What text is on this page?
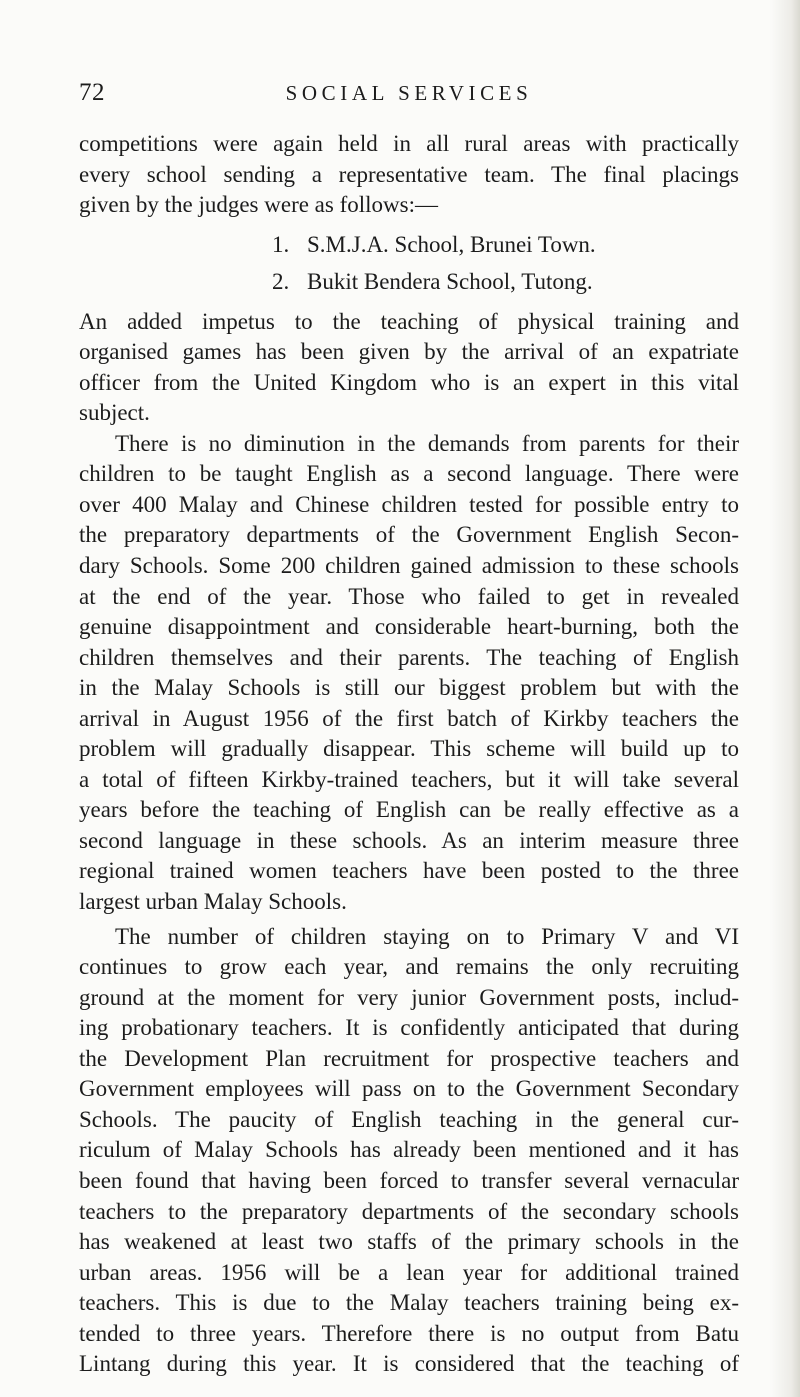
72	SOCIAL SERVICES

competitions were again held in all rural areas with practically
every school sending a representative team. The final placings
given by the judges were as follows:—

1. S.M.J.A. School, Brunei Town.
2. Bukit Bendera School, Tutong.

An added impetus to the teaching of physical training and
organised games has been given by the arrival of an expatriate
officer from the United Kingdom who is an expert in this vital
subject.

There is no diminution in the demands from parents for their
children to be taught English as a second language. There were
over 400 Malay and Chinese children tested for possible entry to
the preparatory departments of the Government English Secon-
dary Schools. Some 200 children gained admission to these schools
at the end of the year. Those who failed to get in revealed
genuine disappointment and considerable heart-burning, both the
children themselves and their parents. The teaching of English
in the Malay Schools is still our biggest problem but with the
arrival in August 1956 of the first batch of Kirkby teachers the
problem will gradually disappear. This scheme will build up to
a total of fifteen Kirkby-trained teachers, but it will take several
years before the teaching of English can be really effective as a
second language in these schools. As an interim measure three
regional trained women teachers have been posted to the three
largest urban Malay Schools.

The number of children staying on to Primary V and VI
continues to grow each year, and remains the only recruiting
ground at the moment for very junior Government posts, includ-
ing probationary teachers. It is confidently anticipated that during
the Development Plan recruitment for prospective teachers and
Government employees will pass on to the Government Secondary
Schools. The paucity of English teaching in the general cur-
riculum of Malay Schools has already been mentioned and it has
been found that having been forced to transfer several vernacular
teachers to the preparatory departments of the secondary schools
has weakened at least two staffs of the primary schools in the
urban areas. 1956 will be a lean year for additional trained
teachers. This is due to the Malay teachers training being ex-
tended to three years. Therefore there is no output from Batu
Lintang during this year. It is considered that the teaching of
